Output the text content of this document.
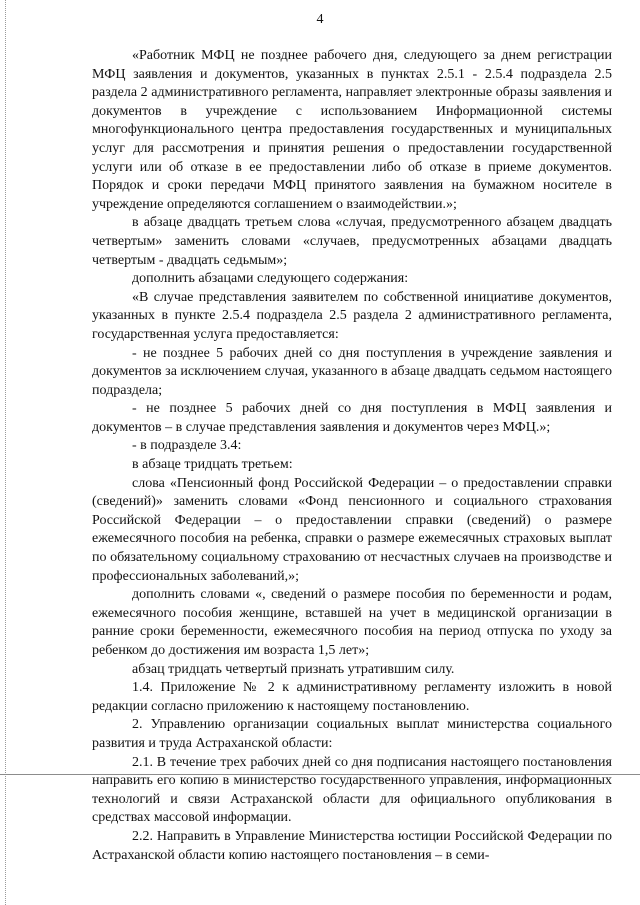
4

«Работник МФЦ не позднее рабочего дня, следующего за днем регистрации МФЦ заявления и документов, указанных в пунктах 2.5.1 - 2.5.4 подраздела 2.5 раздела 2 административного регламента, направляет электронные образы заявления и документов в учреждение с использованием Информационной системы многофункционального центра предоставления государственных и муниципальных услуг для рассмотрения и принятия решения о предоставлении государственной услуги или об отказе в ее предоставлении либо об отказе в приеме документов. Порядок и сроки передачи МФЦ принятого заявления на бумажном носителе в учреждение определяются соглашением о взаимодействии.»;

в абзаце двадцать третьем слова «случая, предусмотренного абзацем двадцать четвертым» заменить словами «случаев, предусмотренных абзацами двадцать четвертым - двадцать седьмым»;

дополнить абзацами следующего содержания:

«В случае представления заявителем по собственной инициативе документов, указанных в пункте 2.5.4 подраздела 2.5 раздела 2 административного регламента, государственная услуга предоставляется:

- не позднее 5 рабочих дней со дня поступления в учреждение заявления и документов за исключением случая, указанного в абзаце двадцать седьмом настоящего подраздела;

- не позднее 5 рабочих дней со дня поступления в МФЦ заявления и документов – в случае представления заявления и документов через МФЦ.»;

- в подразделе 3.4:

в абзаце тридцать третьем:

слова «Пенсионный фонд Российской Федерации – о предоставлении справки (сведений)» заменить словами «Фонд пенсионного и социального страхования Российской Федерации – о предоставлении справки (сведений) о размере ежемесячного пособия на ребенка, справки о размере ежемесячных страховых выплат по обязательному социальному страхованию от несчастных случаев на производстве и профессиональных заболеваний,»;

дополнить словами «, сведений о размере пособия по беременности и родам, ежемесячного пособия женщине, вставшей на учет в медицинской организации в ранние сроки беременности, ежемесячного пособия на период отпуска по уходу за ребенком до достижения им возраста 1,5 лет»;

абзац тридцать четвертый признать утратившим силу.

1.4. Приложение № 2 к административному регламенту изложить в новой редакции согласно приложению к настоящему постановлению.

2. Управлению организации социальных выплат министерства социального развития и труда Астраханской области:

2.1. В течение трех рабочих дней со дня подписания настоящего постановления направить его копию в министерство государственного управления, информационных технологий и связи Астраханской области для официального опубликования в средствах массовой информации.

2.2. Направить в Управление Министерства юстиции Российской Федерации по Астраханской области копию настоящего постановления – в семи-
